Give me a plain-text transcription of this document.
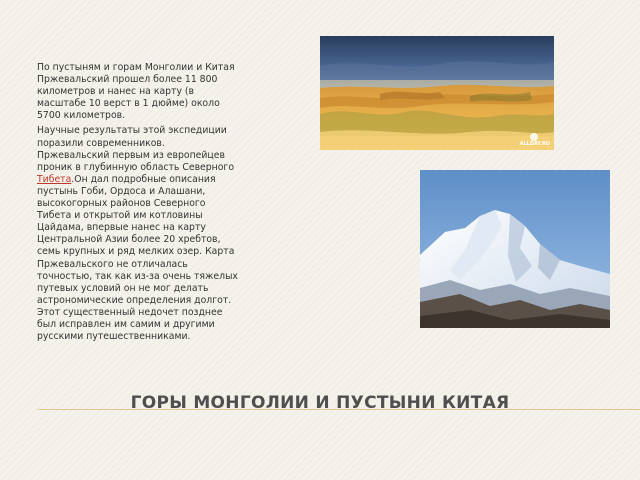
По пустыням и горам Монголии и Китая Пржевальский прошел более 11 800 километров и нанес на карту (в масштабе 10 верст в 1 дюйме) около 5700 километров.

Научные результаты этой экспедиции поразили современников. Пржевальский первым из европейцев проник в глубинную область Северного Тибета.Он дал подробные описания пустынь Гоби, Ордоса и Алашани, высокогорных районов Северного Тибета и открытой им котловины Цайдама, впервые нанес на карту Центральной Азии более 20 хребтов, семь крупных и ряд мелких озер. Карта Пржевальского не отличалась точностью, так как из-за очень тяжелых путевых условий он не мог делать астрономические определения долгот. Этот существенный недочет позднее был исправлен им самим и другими русскими путешественниками.

ALLDAY.RU
ГОРЫ МОНГОЛИИ И ПУСТЫНИ КИТАЯ
